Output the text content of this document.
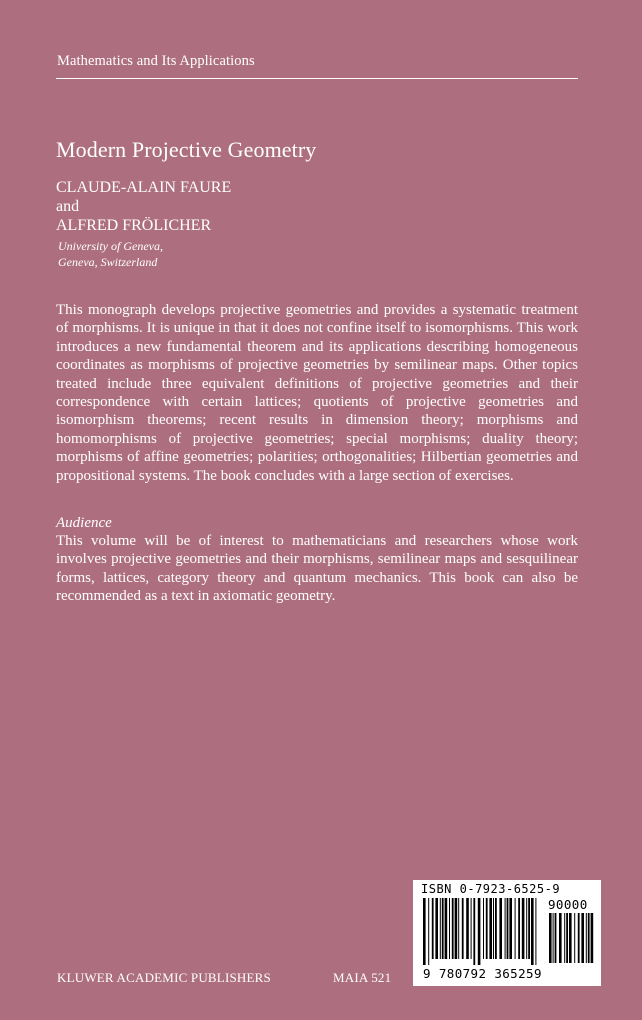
Mathematics and Its Applications
Modern Projective Geometry
CLAUDE-ALAIN FAURE
and
ALFRED FRÖLICHER
University of Geneva,
Geneva, Switzerland
This monograph develops projective geometries and provides a systematic treatment of morphisms. It is unique in that it does not confine itself to isomorphisms. This work introduces a new fundamental theorem and its applications describing homogeneous coordinates as morphisms of projective geometries by semilinear maps. Other topics treated include three equivalent definitions of projective geometries and their correspondence with certain lattices; quotients of projective geometries and isomorphism theorems; recent results in dimension theory; morphisms and homomorphisms of projective geometries; special morphisms; duality theory; morphisms of affine geometries; polarities; orthogonalities; Hilbertian geometries and propositional systems. The book concludes with a large section of exercises.
Audience
This volume will be of interest to mathematicians and researchers whose work involves projective geometries and their morphisms, semilinear maps and sesquilinear forms, lattices, category theory and quantum mechanics. This book can also be recommended as a text in axiomatic geometry.
ISBN 0-7923-6525-9
90000
9 780792 365259
KLUWER ACADEMIC PUBLISHERS	MAIA 521
